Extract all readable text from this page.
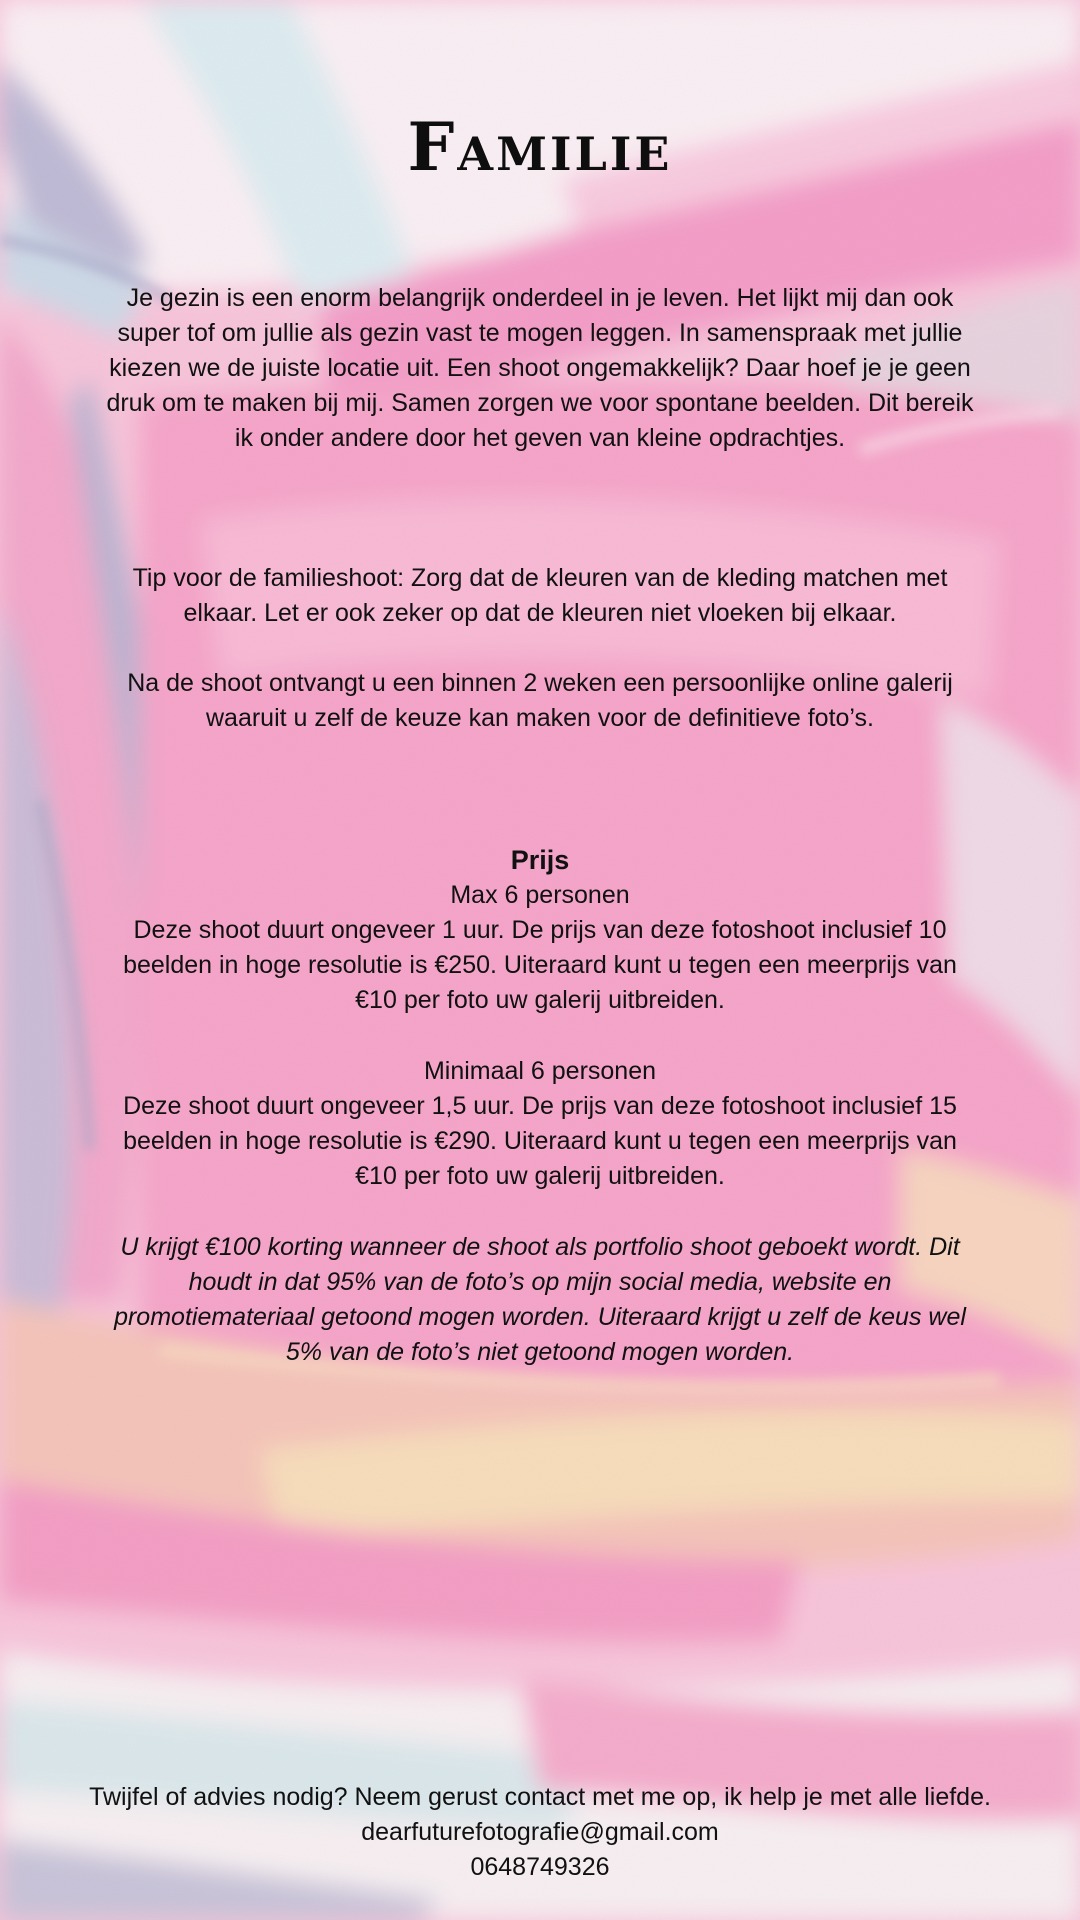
Familie

Je gezin is een enorm belangrijk onderdeel in je leven. Het lijkt mij dan ook super tof om jullie als gezin vast te mogen leggen. In samenspraak met jullie kiezen we de juiste locatie uit. Een shoot ongemakkelijk? Daar hoef je je geen druk om te maken bij mij. Samen zorgen we voor spontane beelden. Dit bereik ik onder andere door het geven van kleine opdrachtjes.

Tip voor de familieshoot: Zorg dat de kleuren van de kleding matchen met elkaar. Let er ook zeker op dat de kleuren niet vloeken bij elkaar.

Na de shoot ontvangt u een binnen 2 weken een persoonlijke online galerij waaruit u zelf de keuze kan maken voor de definitieve foto’s.

Prijs
Max 6 personen
Deze shoot duurt ongeveer 1 uur. De prijs van deze fotoshoot inclusief 10 beelden in hoge resolutie is €250. Uiteraard kunt u tegen een meerprijs van €10 per foto uw galerij uitbreiden.
Minimaal 6 personen
Deze shoot duurt ongeveer 1,5 uur. De prijs van deze fotoshoot inclusief 15 beelden in hoge resolutie is €290. Uiteraard kunt u tegen een meerprijs van €10 per foto uw galerij uitbreiden.

U krijgt €100 korting wanneer de shoot als portfolio shoot geboekt wordt. Dit houdt in dat 95% van de foto’s op mijn social media, website en promotiemateriaal getoond mogen worden. Uiteraard krijgt u zelf de keus wel 5% van de foto’s niet getoond mogen worden.

Twijfel of advies nodig? Neem gerust contact met me op, ik help je met alle liefde.
dearfuturefotografie@gmail.com
0648749326
